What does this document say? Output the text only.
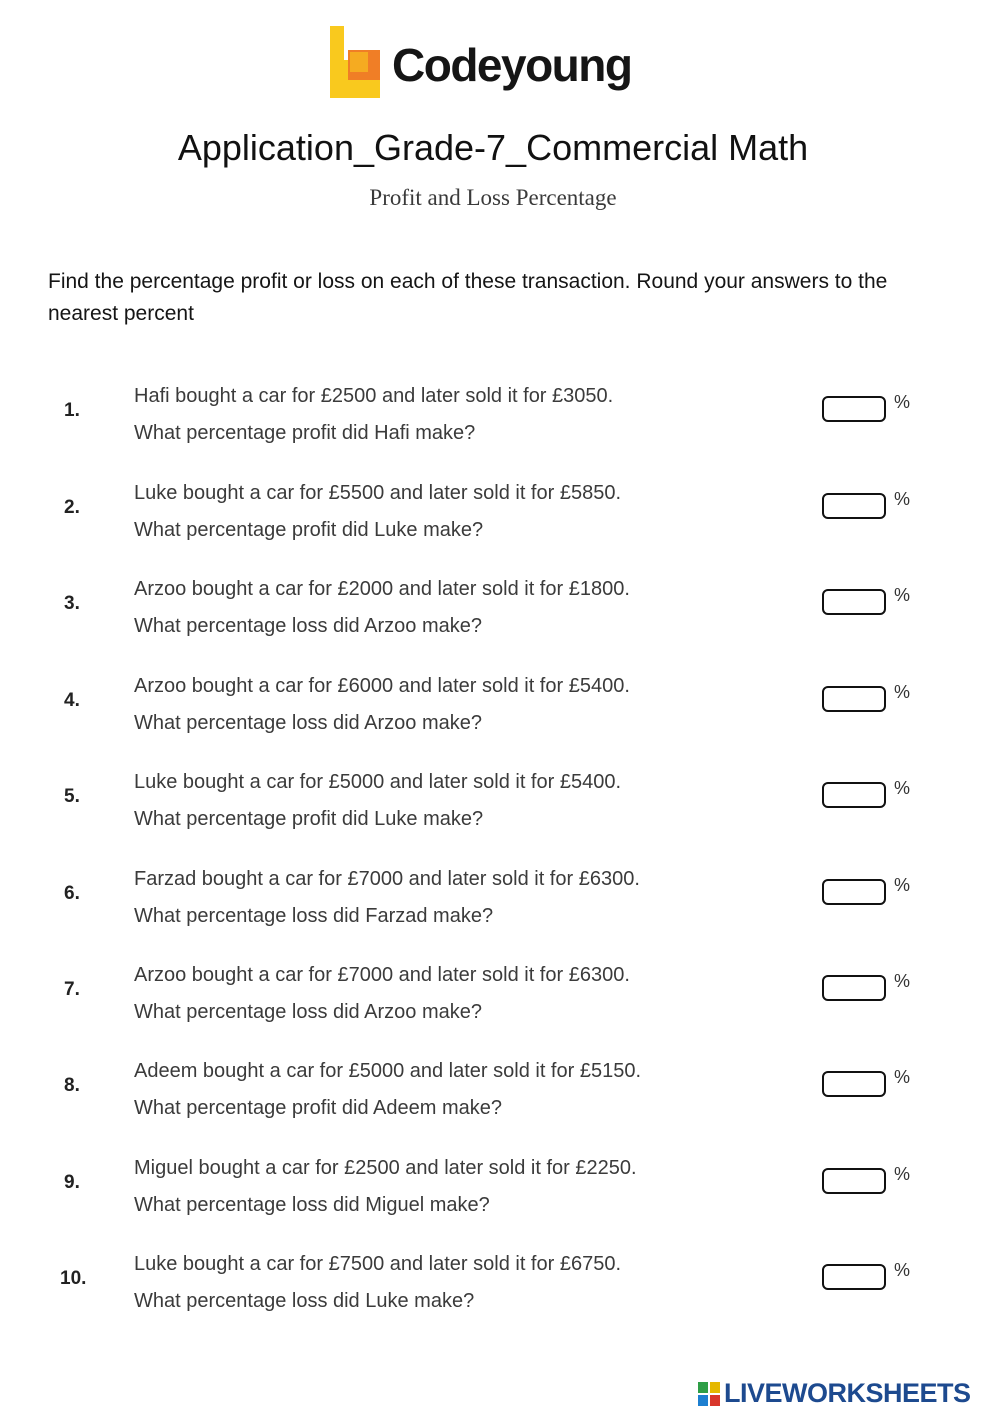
Codeyoung
Application_Grade-7_Commercial Math
Profit and Loss Percentage
Find the percentage profit or loss on each of these transaction. Round your answers to the nearest percent
1.
Hafi bought a car for £2500 and later sold it for £3050.
What percentage profit did Hafi make?
%
2.
Luke bought a car for £5500 and later sold it for £5850.
What percentage profit did Luke make?
%
3.
Arzoo bought a car for £2000 and later sold it for £1800.
What percentage loss did Arzoo make?
%
4.
Arzoo bought a car for £6000 and later sold it for £5400.
What percentage loss did Arzoo make?
%
5.
Luke bought a car for £5000 and later sold it for £5400.
What percentage profit did Luke make?
%
6.
Farzad bought a car for £7000 and later sold it for £6300.
What percentage loss did Farzad make?
%
7.
Arzoo bought a car for £7000 and later sold it for £6300.
What percentage loss did Arzoo make?
%
8.
Adeem bought a car for £5000 and later sold it for £5150.
What percentage profit did Adeem make?
%
9.
Miguel bought a car for £2500 and later sold it for £2250.
What percentage loss did Miguel make?
%
10.
Luke bought a car for £7500 and later sold it for £6750.
What percentage loss did Luke make?
%
LIVEWORKSHEETS
